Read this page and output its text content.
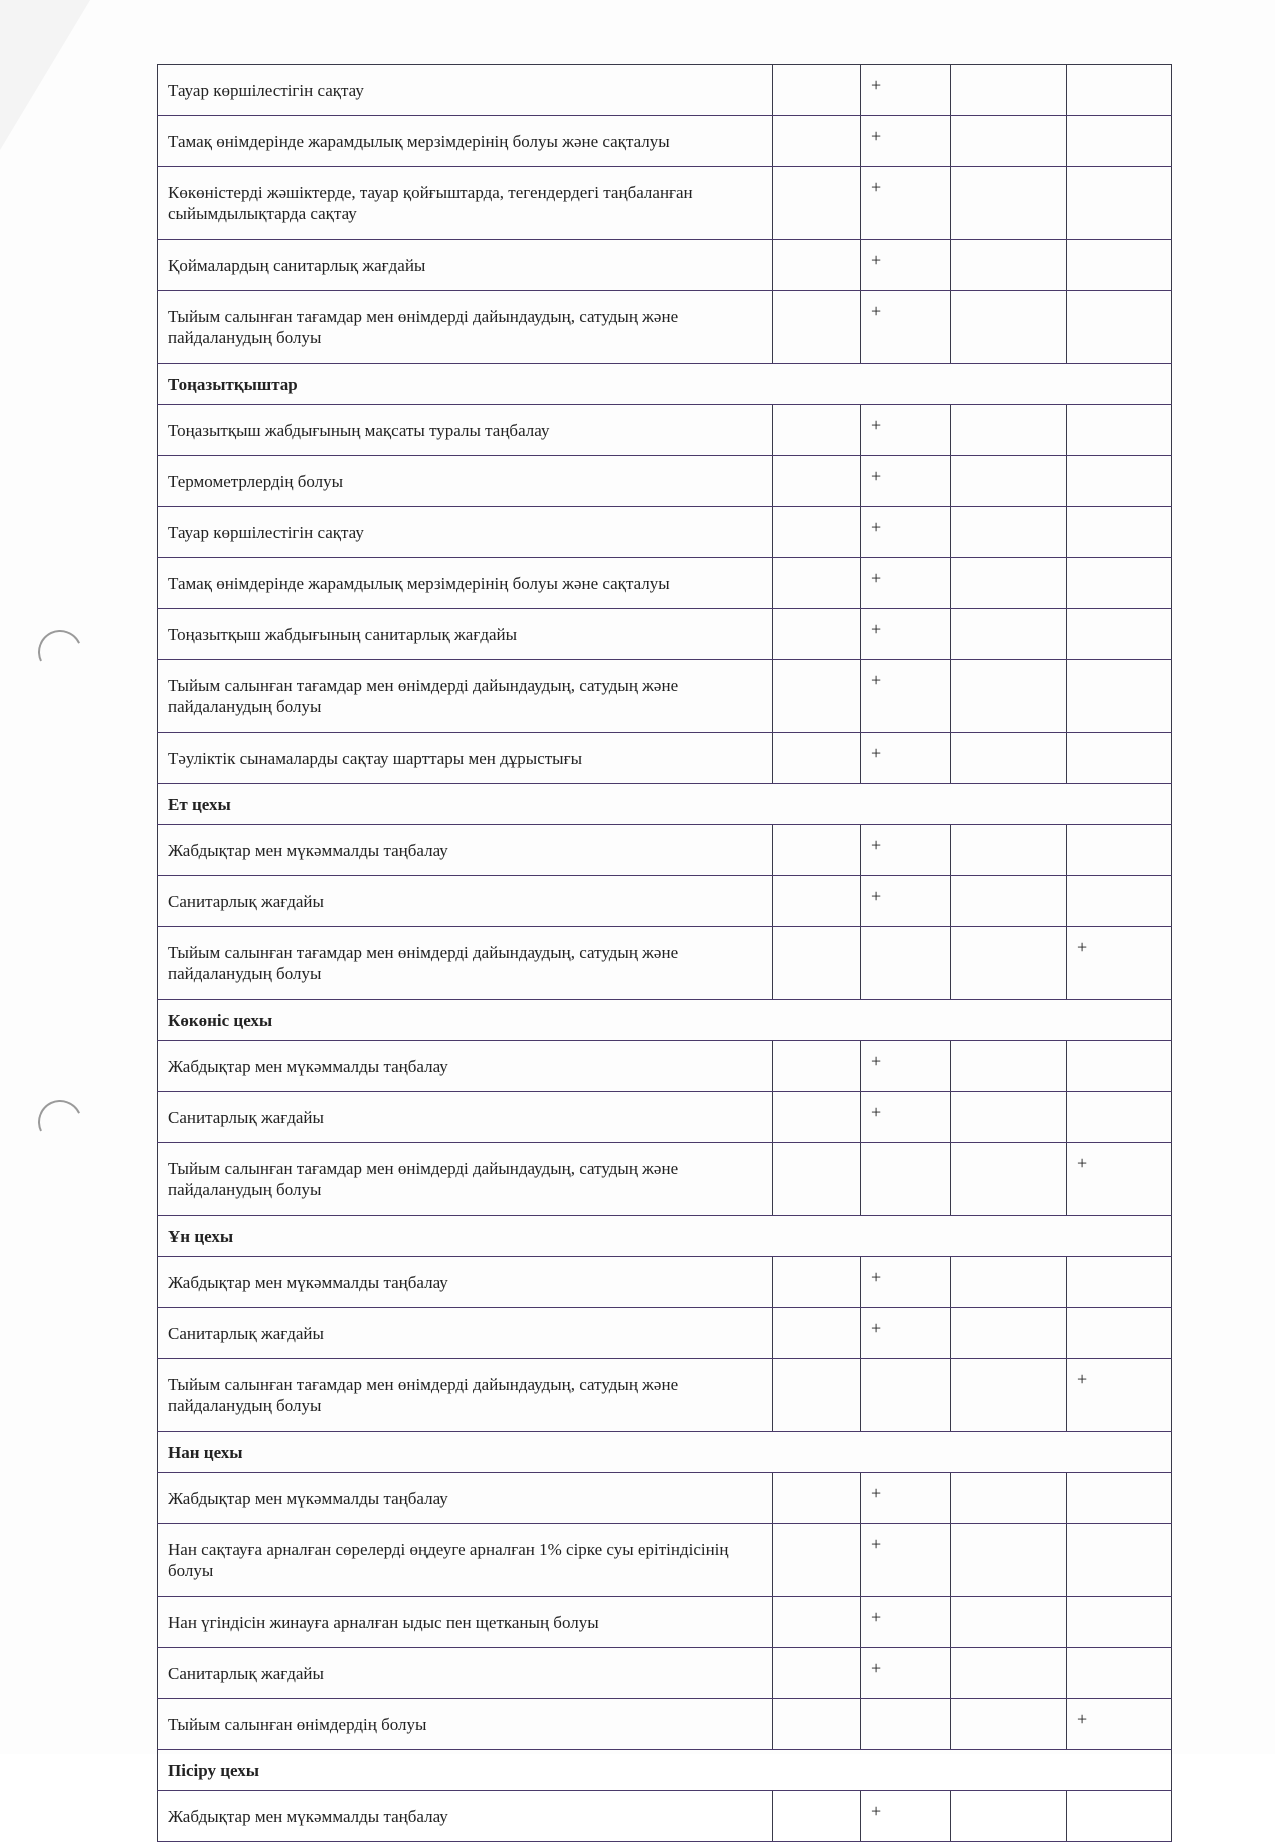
Тауар көршілестігін сақтау		+		
Тамақ өнімдерінде жарамдылық мерзімдерінің болуы және сақталуы		+		
Көкөністерді жәшіктерде, тауар қойғыштарда, тегендердегі таңбаланған сыйымдылықтарда сақтау		+		
Қоймалардың санитарлық жағдайы		+		
Тыйым салынған тағамдар мен өнімдерді дайындаудың, сатудың және пайдаланудың болуы		+		
Тоңазытқыштар				
Тоңазытқыш жабдығының мақсаты туралы таңбалау		+		
Термометрлердің болуы		+		
Тауар көршілестігін сақтау		+		
Тамақ өнімдерінде жарамдылық мерзімдерінің болуы және сақталуы		+		
Тоңазытқыш жабдығының санитарлық жағдайы		+		
Тыйым салынған тағамдар мен өнімдерді дайындаудың, сатудың және пайдаланудың болуы		+		
Тәуліктік сынамаларды сақтау шарттары мен дұрыстығы		+		
Ет цехы				
Жабдықтар мен мүкәммалды таңбалау		+		
Санитарлық жағдайы		+		
Тыйым салынған тағамдар мен өнімдерді дайындаудың, сатудың және пайдаланудың болуы				+
Көкөніс цехы				
Жабдықтар мен мүкәммалды таңбалау		+		
Санитарлық жағдайы		+		
Тыйым салынған тағамдар мен өнімдерді дайындаудың, сатудың және пайдаланудың болуы				+
Ұн цехы				
Жабдықтар мен мүкәммалды таңбалау		+		
Санитарлық жағдайы		+		
Тыйым салынған тағамдар мен өнімдерді дайындаудың, сатудың және пайдаланудың болуы				+
Нан цехы				
Жабдықтар мен мүкәммалды таңбалау		+		
Нан сақтауға арналған сөрелерді өңдеуге арналған 1% сірке суы ерітіндісінің болуы		+		
Нан үгіндісін жинауға арналған ыдыс пен щетканың болуы		+		
Санитарлық жағдайы		+		
Тыйым салынған өнімдердің болуы				+
Пісіру цехы				
Жабдықтар мен мүкәммалды таңбалау		+		
